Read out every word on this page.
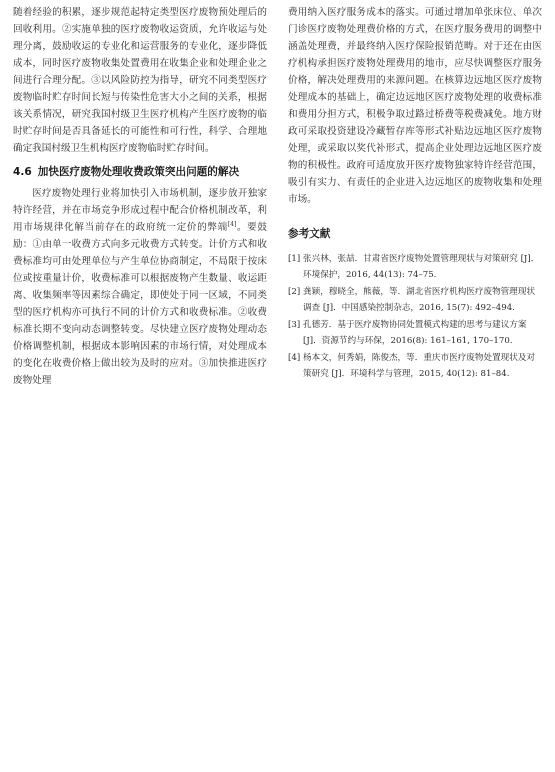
随着经验的积累，逐步规范起特定类型医疗废物预处理后的回收利用。②实施单独的医疗废物收运资质，允许收运与处理分离，鼓励收运的专业化和运营服务的专业化，逐步降低成本，同时医疗废物收集处置费用在收集企业和处理企业之间进行合理分配。③以风险防控为指导，研究不同类型医疗废物临时贮存时间长短与传染性危害大小之间的关系，根据该关系情况，研究我国村级卫生医疗机构产生医疗废物的临时贮存时间是否具备延长的可能性和可行性，科学、合理地确定我国村级卫生机构医疗废物临时贮存时间。

4.6 加快医疗废物处理收费政策突出问题的解决

医疗废物处理行业将加快引入市场机制，逐步放开独家特许经营，并在市场竞争形成过程中配合价格机制改革，利用市场规律化解当前存在的政府统一定价的弊端[4]。要鼓励：①由单一收费方式向多元收费方式转变。计价方式和收费标准均可由处理单位与产生单位协商制定，不局限于按床位或按重量计价，收费标准可以根据废物产生数量、收运距离、收集频率等因素综合确定，即使处于同一区域，不同类型的医疗机构亦可执行不同的计价方式和收费标准。②收费标准长期不变向动态调整转变。尽快建立医疗废物处理动态价格调整机制，根据成本影响因素的市场行情，对处理成本的变化在收费价格上做出较为及时的应对。③加快推进医疗废物处理

费用纳入医疗服务成本的落实。可通过增加单张床位、单次门诊医疗废物处理费价格的方式，在医疗服务费用的调整中涵盖处理费，并最终纳入医疗保险报销范畴。对于还在由医疗机构承担医疗废物处理费用的地市，应尽快调整医疗服务价格，解决处理费用的来源问题。在核算边远地区医疗废物处理成本的基础上，确定边远地区医疗废物处理的收费标准和费用分担方式，积极争取过路过桥费等税费减免。地方财政可采取投资建设冷藏暂存库等形式补贴边远地区医疗废物处理，或采取以奖代补形式，提高企业处理边远地区医疗废物的积极性。政府可适度放开医疗废物独家特许经营范围，吸引有实力、有责任的企业进入边远地区的废物收集和处理市场。

参考文献
[1] 张兴林，张喆．甘肃省医疗废物处置管理现状与对策研究 [J]．环境保护，2016, 44(13): 74–75.
[2] 龚颖，穆晓全，熊薇，等．湖北省医疗机构医疗废物管理现状调查 [J]．中国感染控制杂志，2016, 15(7): 492–494.
[3] 孔德芳．基于医疗废物协同处置模式构建的思考与建议方案 [J]．资源节约与环保，2016(8): 161–161, 170–170.
[4] 杨本文，何秀娟，陈俊杰，等．重庆市医疗废物处置现状及对策研究 [J]．环境科学与管理，2015, 40(12): 81–84.
